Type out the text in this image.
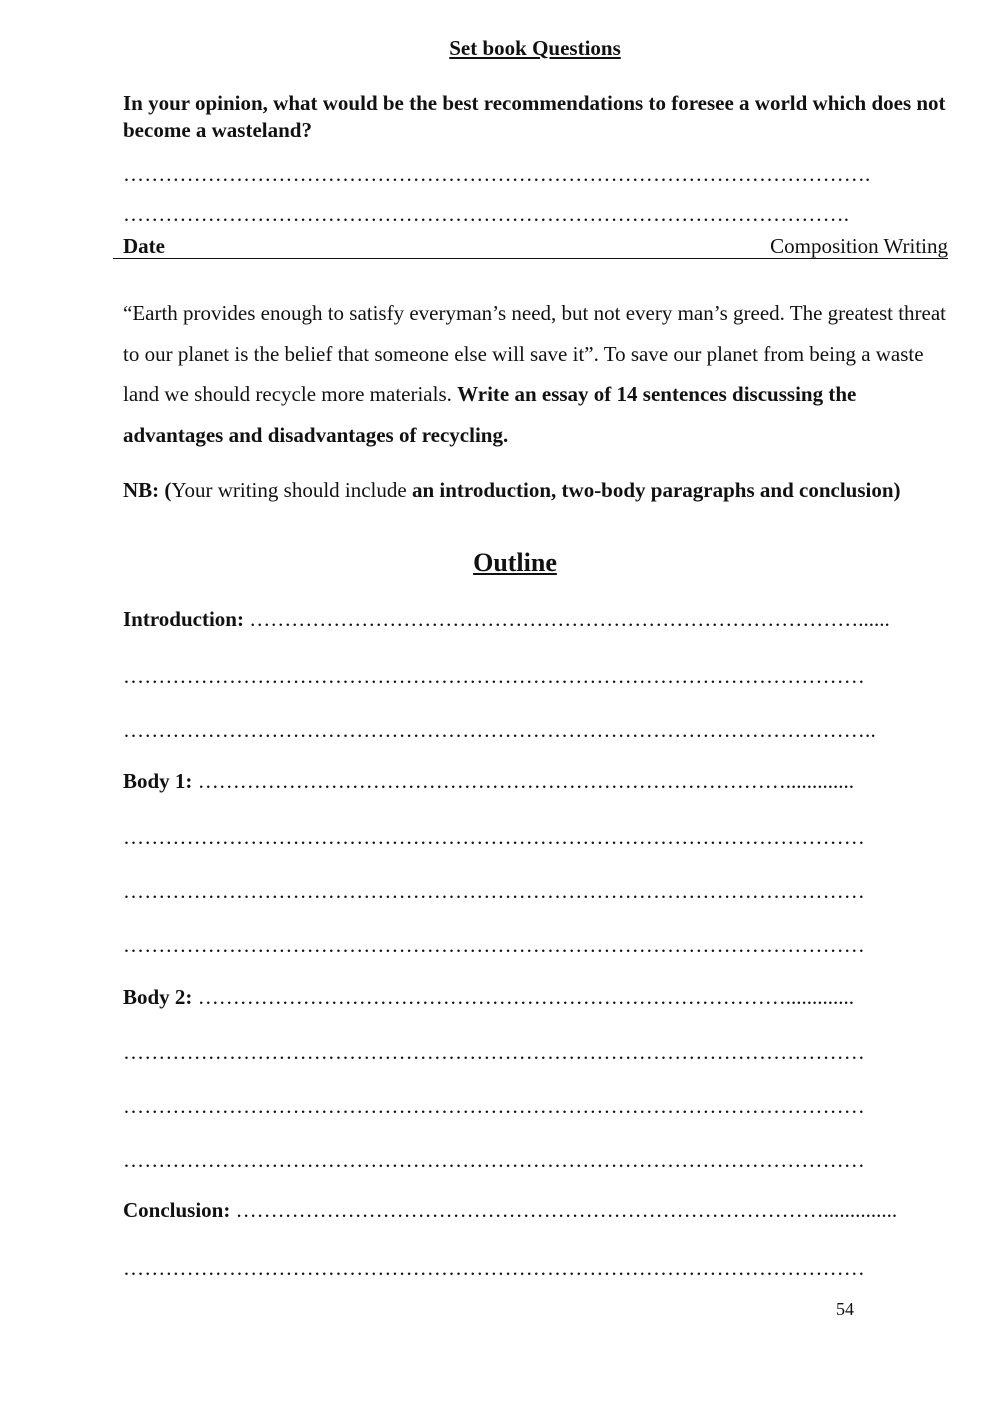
Set book Questions
In your opinion, what would be the best recommendations to foresee a world which does not become a wasteland?
…………………………………………………………………………………………….
………………………………………………………………………………………….
Date	Composition Writing
“Earth provides enough to satisfy everyman’s need, but not every man’s greed. The greatest threat to our planet is the belief that someone else will save it”. To save our planet from being a waste land we should recycle more materials. Write an essay of 14 sentences discussing the advantages and disadvantages of recycling.
NB: (Your writing should include an introduction, two-body paragraphs and conclusion)
Outline
Introduction: ……………………………………………………………………………......
……………………………………………………………………………………………
……………………………………………………………………………………………..
Body 1: ………………………………………………………………………….............
……………………………………………………………………………………………
……………………………………………………………………………………………
……………………………………………………………………………………………
Body 2: ………………………………………………………………………….............
……………………………………………………………………………………………
……………………………………………………………………………………………
……………………………………………………………………………………………
Conclusion: …………………………………………………………………………..............
……………………………………………………………………………………………
54
